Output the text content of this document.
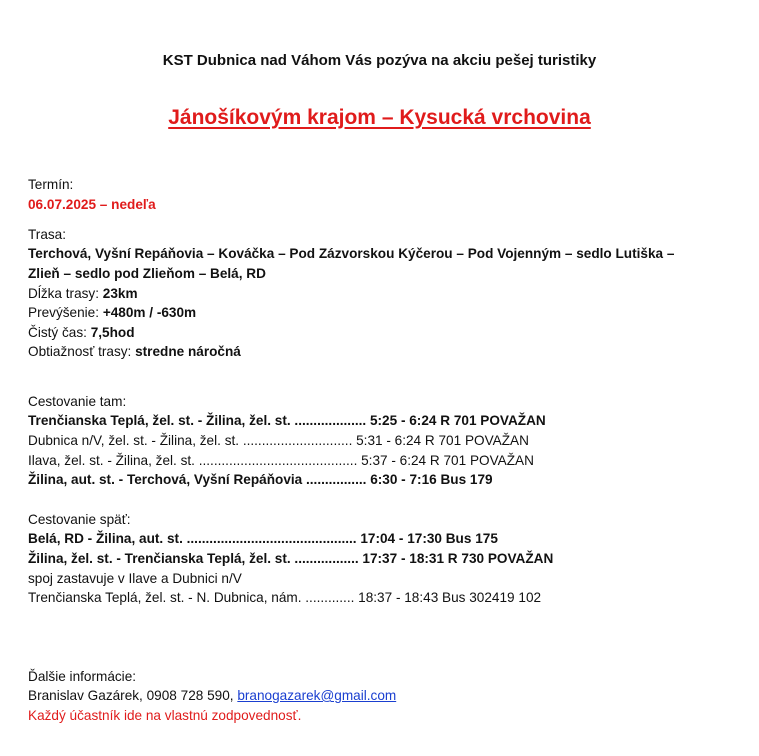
KST Dubnica nad Váhom Vás pozýva na akciu pešej turistiky
Jánošíkovým krajom – Kysucká vrchovina
Termín:
06.07.2025 – nedeľa
Trasa:
Terchová, Vyšní Repáňovia – Kováčka – Pod Zázvorskou Kýčerou – Pod Vojenným – sedlo Lutiška –
Zlieň – sedlo pod Zlieňom – Belá, RD
Dĺžka trasy: 23km
Prevýšenie: +480m / -630m
Čistý čas: 7,5hod
Obtiažnosť trasy: stredne náročná
Cestovanie tam:
Trenčianska Teplá, žel. st. - Žilina, žel. st. ................... 5:25 - 6:24 R 701 POVAŽAN
Dubnica n/V, žel. st. - Žilina, žel. st. ............................. 5:31 - 6:24 R 701 POVAŽAN
Ilava, žel. st. - Žilina, žel. st. .......................................... 5:37 - 6:24 R 701 POVAŽAN
Žilina, aut. st. - Terchová, Vyšní Repáňovia ................ 6:30 - 7:16 Bus 179
Cestovanie späť:
Belá, RD - Žilina, aut. st. ............................................. 17:04 - 17:30 Bus 175
Žilina, žel. st. - Trenčianska Teplá, žel. st. ................. 17:37 - 18:31 R 730 POVAŽAN
spoj zastavuje v Ilave a Dubnici n/V
Trenčianska Teplá, žel. st. - N. Dubnica, nám. ............. 18:37 - 18:43 Bus 302419 102
Ďalšie informácie:
Branislav Gazárek, 0908 728 590, branogazarek@gmail.com
Každý účastník ide na vlastnú zodpovednosť.
